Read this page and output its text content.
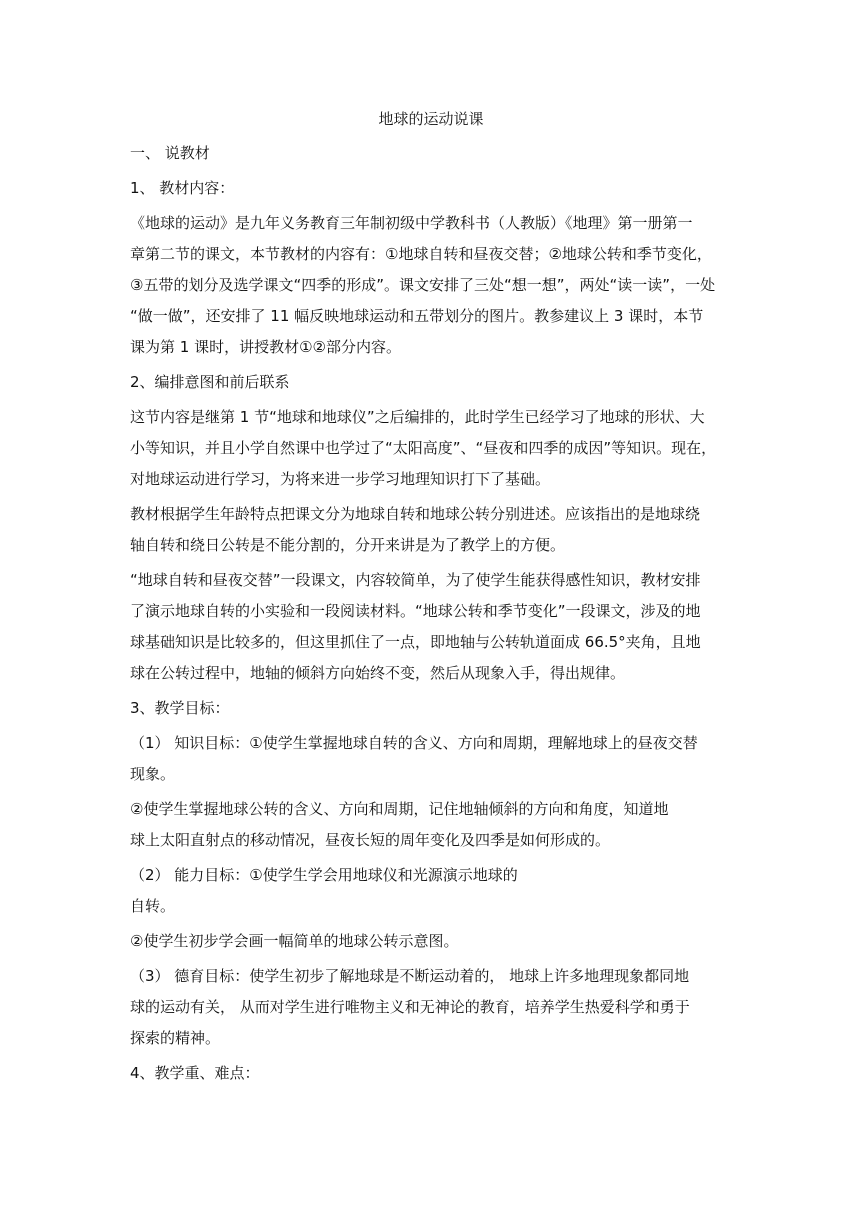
地球的运动说课
一、 说教材
1、 教材内容：
《地球的运动》是九年义务教育三年制初级中学教科书（人教版）《地理》第一册第一
章第二节的课文，本节教材的内容有：①地球自转和昼夜交替；②地球公转和季节变化，
③五带的划分及选学课文“四季的形成”。课文安排了三处“想一想”，两处“读一读”，一处
“做一做”，还安排了 11 幅反映地球运动和五带划分的图片。教参建议上 3 课时，本节
课为第 1 课时，讲授教材①②部分内容。
2、编排意图和前后联系
这节内容是继第 1 节“地球和地球仪”之后编排的，此时学生已经学习了地球的形状、大
小等知识，并且小学自然课中也学过了“太阳高度”、“昼夜和四季的成因”等知识。现在，
对地球运动进行学习，为将来进一步学习地理知识打下了基础。
教材根据学生年龄特点把课文分为地球自转和地球公转分别进述。应该指出的是地球绕
轴自转和绕日公转是不能分割的，分开来讲是为了教学上的方便。
“地球自转和昼夜交替”一段课文，内容较简单，为了使学生能获得感性知识，教材安排
了演示地球自转的小实验和一段阅读材料。“地球公转和季节变化”一段课文，涉及的地
球基础知识是比较多的，但这里抓住了一点，即地轴与公转轨道面成 66.5°夹角，且地
球在公转过程中，地轴的倾斜方向始终不变，然后从现象入手，得出规律。
3、教学目标：
（1） 知识目标：①使学生掌握地球自转的含义、方向和周期，理解地球上的昼夜交替
现象。
②使学生掌握地球公转的含义、方向和周期，记住地轴倾斜的方向和角度，知道地
球上太阳直射点的移动情况，昼夜长短的周年变化及四季是如何形成的。
（2） 能力目标：①使学生学会用地球仪和光源演示地球的
自转。
②使学生初步学会画一幅简单的地球公转示意图。
（3） 德育目标：使学生初步了解地球是不断运动着的， 地球上许多地理现象都同地
球的运动有关， 从而对学生进行唯物主义和无神论的教育，培养学生热爱科学和勇于
探索的精神。
4、教学重、难点：
